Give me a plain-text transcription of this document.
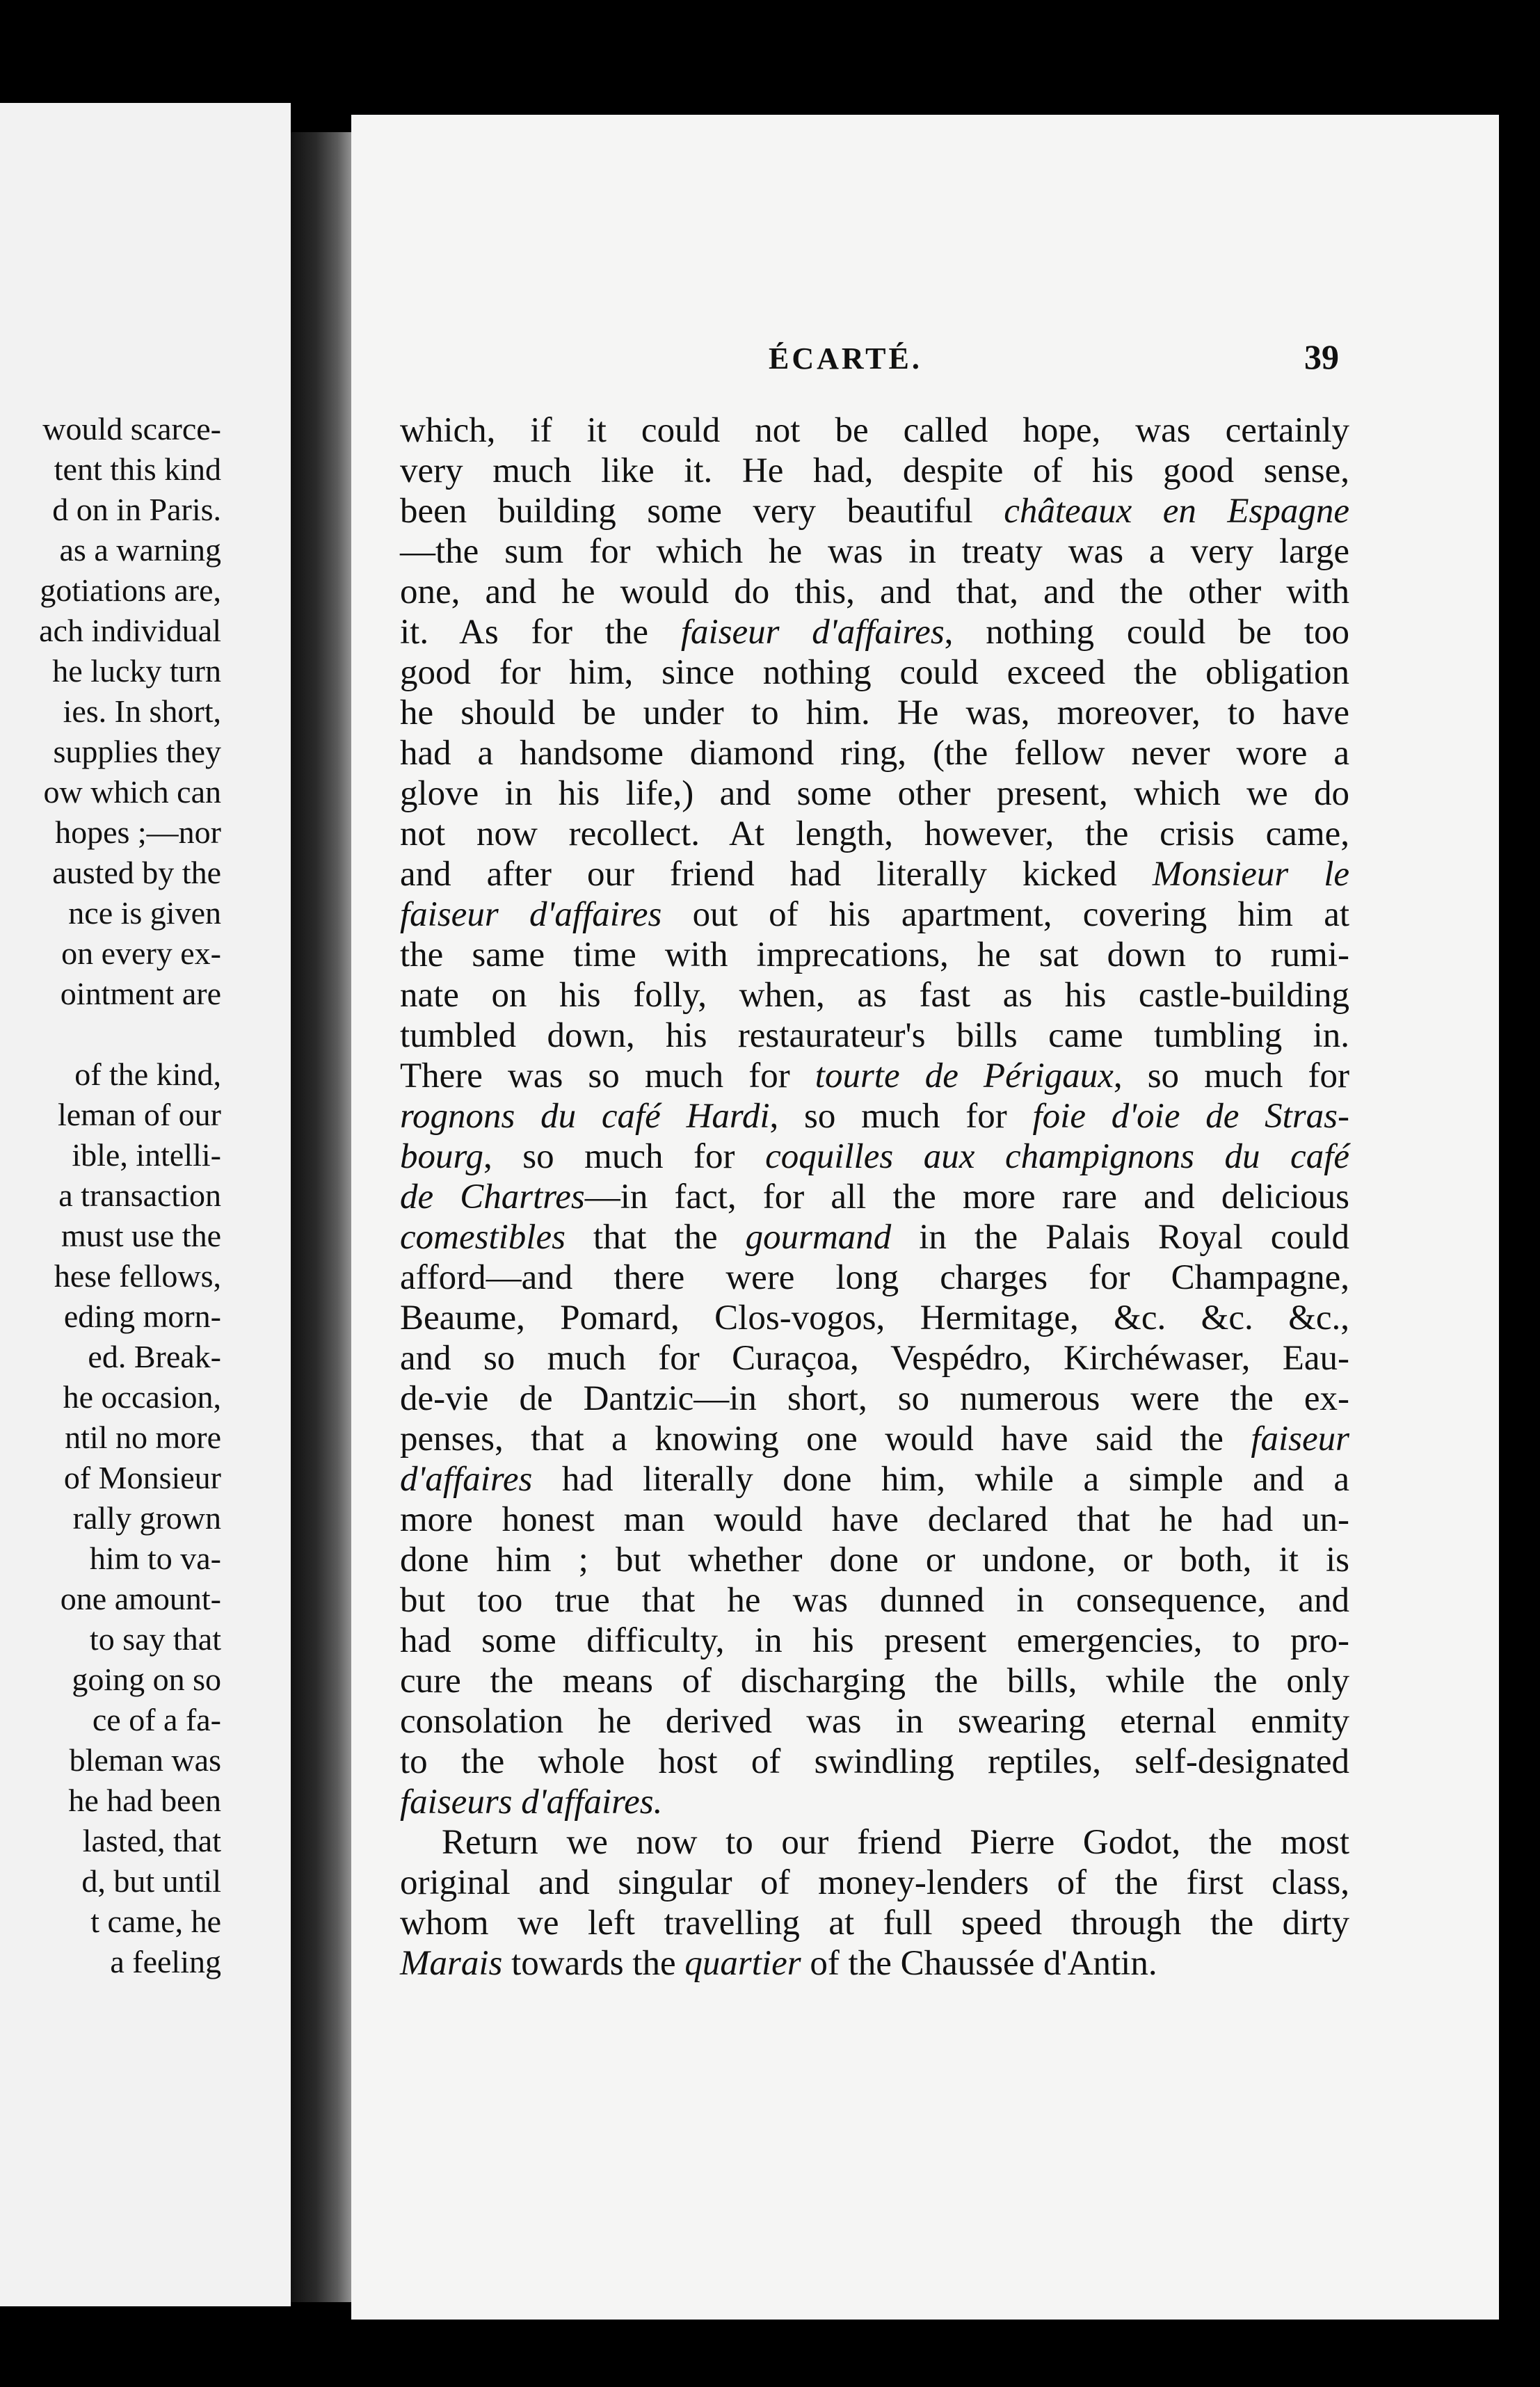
would scarce-
tent this kind
d on in Paris.
as a warning
gotiations are,
ach individual
he lucky turn
ies. In short,
supplies they
ow which can
hopes ;—nor
austed by the
nce is given
on every ex-
ointment are
of the kind,
leman of our
ible, intelli-
a transaction
must use the
hese fellows,
eding morn-
ed. Break-
he occasion,
ntil no more
of Monsieur
rally grown
him to va-
one amount-
to say that
going on so
ce of a fa-
bleman was
he had been
lasted, that
d, but until
t came, he
a feeling
ÉCARTÉ.	39
which, if it could not be called hope, was certainly
very much like it. He had, despite of his good sense,
been building some very beautiful châteaux en Espagne
—the sum for which he was in treaty was a very large
one, and he would do this, and that, and the other with
it. As for the faiseur d'affaires, nothing could be too
good for him, since nothing could exceed the obligation
he should be under to him. He was, moreover, to have
had a handsome diamond ring, (the fellow never wore a
glove in his life,) and some other present, which we do
not now recollect. At length, however, the crisis came,
and after our friend had literally kicked Monsieur le
faiseur d'affaires out of his apartment, covering him at
the same time with imprecations, he sat down to rumi-
nate on his folly, when, as fast as his castle-building
tumbled down, his restaurateur's bills came tumbling in.
There was so much for tourte de Périgaux, so much for
rognons du café Hardi, so much for foie d'oie de Stras-
bourg, so much for coquilles aux champignons du café
de Chartres—in fact, for all the more rare and delicious
comestibles that the gourmand in the Palais Royal could
afford—and there were long charges for Champagne,
Beaume, Pomard, Clos-vogos, Hermitage, &c. &c. &c.,
and so much for Curaçoa, Vespédro, Kirchéwaser, Eau-
de-vie de Dantzic—in short, so numerous were the ex-
penses, that a knowing one would have said the faiseur
d'affaires had literally done him, while a simple and a
more honest man would have declared that he had un-
done him ; but whether done or undone, or both, it is
but too true that he was dunned in consequence, and
had some difficulty, in his present emergencies, to pro-
cure the means of discharging the bills, while the only
consolation he derived was in swearing eternal enmity
to the whole host of swindling reptiles, self-designated
faiseurs d'affaires.
Return we now to our friend Pierre Godot, the most
original and singular of money-lenders of the first class,
whom we left travelling at full speed through the dirty
Marais towards the quartier of the Chaussée d'Antin.
